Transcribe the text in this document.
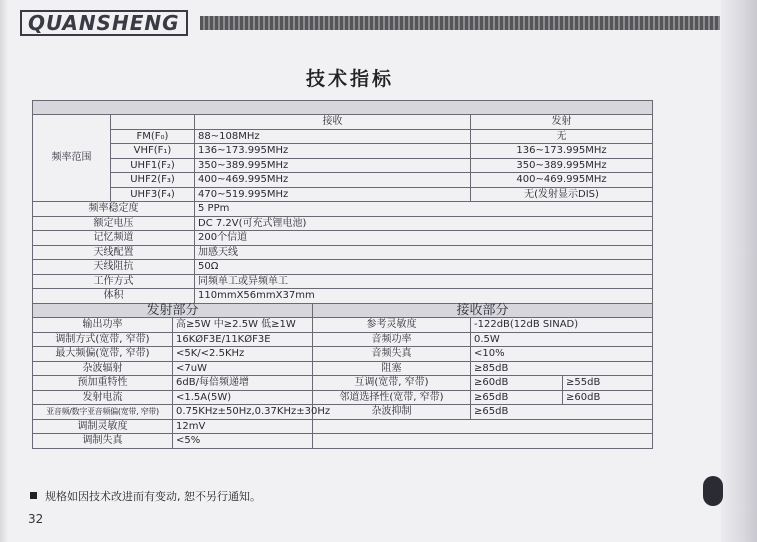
QUANSHENG
技术指标

频率范围			接收		发射	
	FM(F₀)		88~108MHz		无	
	VHF(F₁)		136~173.995MHz		136~173.995MHz	
	UHF1(F₂)		350~389.995MHz		350~389.995MHz	
	UHF2(F₃)		400~469.995MHz		400~469.995MHz	
	UHF3(F₄)		470~519.995MHz		无(发射显示DIS)	
频率稳定度			5 PPm			
额定电压			DC 7.2V(可充式锂电池)			
记忆频道			200个信道			
天线配置			加感天线			
天线阻抗			50Ω			
工作方式			同频单工或异频单工			
体积			110mmX56mmX37mm			
发射部分				接收部分		
输出功率		高≥5W 中≥2.5W 低≥1W		参考灵敏度	-122dB(12dB SINAD)	
调制方式(宽带, 窄带)		16KØF3E/11KØF3E		音频功率	0.5W	
最大频偏(宽带, 窄带)		<5K/<2.5KHz		音频失真	<10%	
杂波辐射		<7uW		阻塞	≥85dB	
预加重特性		6dB/每倍频递增		互调(宽带, 窄带)	≥60dB	≥55dB
发射电流		<1.5A(5W)		邻道选择性(宽带, 窄带)	≥65dB	≥60dB
亚音频/数字亚音频偏(宽带, 窄带)		0.75KHz±50Hz,0.37KHz±30Hz		杂波抑制	≥65dB	
调制灵敏度		12mV				
调制失真		<5%				
规格如因技术改进而有变动, 恕不另行通知。
32
